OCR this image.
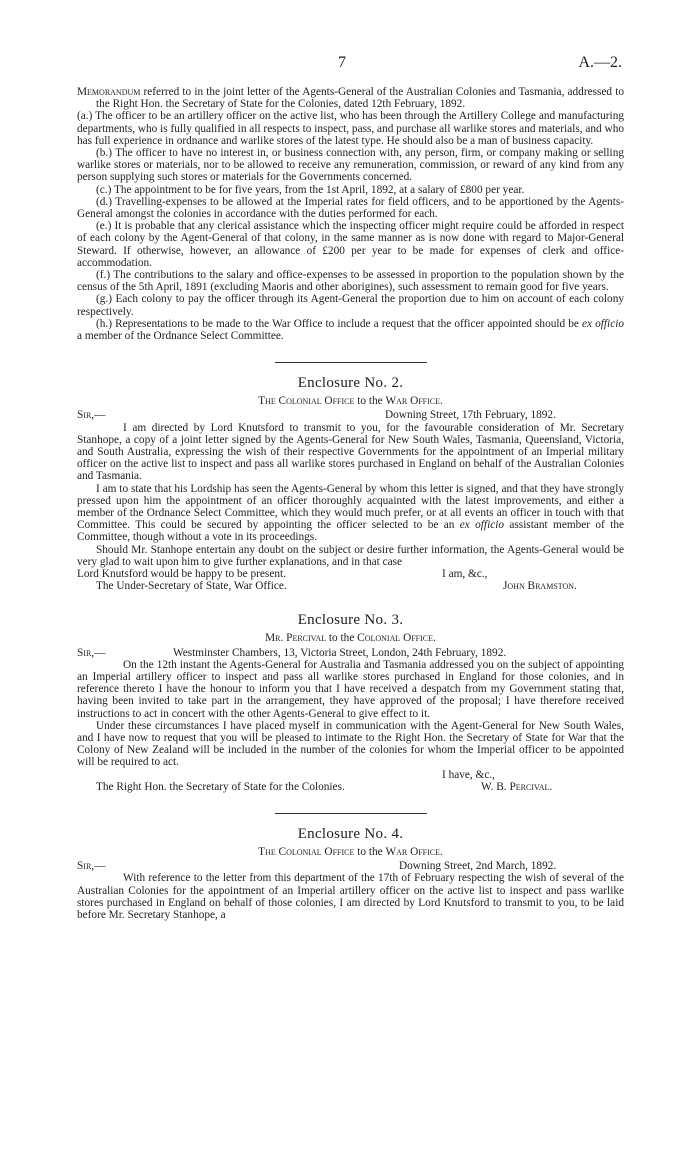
7	A.—2.

Memorandum referred to in the joint letter of the Agents-General of the Australian Colonies and Tasmania, addressed to the Right Hon. the Secretary of State for the Colonies, dated 12th February, 1892.

(a.) The officer to be an artillery officer on the active list, who has been through the Artillery College and manufacturing departments, who is fully qualified in all respects to inspect, pass, and purchase all warlike stores and materials, and who has full experience in ordnance and warlike stores of the latest type. He should also be a man of business capacity.

(b.) The officer to have no interest in, or business connection with, any person, firm, or company making or selling warlike stores or materials, nor to be allowed to receive any remuneration, commission, or reward of any kind from any person supplying such stores or materials for the Governments concerned.

(c.) The appointment to be for five years, from the 1st April, 1892, at a salary of £800 per year.

(d.) Travelling-expenses to be allowed at the Imperial rates for field officers, and to be apportioned by the Agents-General amongst the colonies in accordance with the duties performed for each.

(e.) It is probable that any clerical assistance which the inspecting officer might require could be afforded in respect of each colony by the Agent-General of that colony, in the same manner as is now done with regard to Major-General Steward. If otherwise, however, an allowance of £200 per year to be made for expenses of clerk and office-accommodation.

(f.) The contributions to the salary and office-expenses to be assessed in proportion to the population shown by the census of the 5th April, 1891 (excluding Maoris and other aborigines), such assessment to remain good for five years.

(g.) Each colony to pay the officer through its Agent-General the proportion due to him on account of each colony respectively.

(h.) Representations to be made to the War Office to include a request that the officer appointed should be ex officio a member of the Ordnance Select Committee.

Enclosure No. 2.

The Colonial Office to the War Office.

Sir,—	Downing Street, 17th February, 1892.

I am directed by Lord Knutsford to transmit to you, for the favourable consideration of Mr. Secretary Stanhope, a copy of a joint letter signed by the Agents-General for New South Wales, Tasmania, Queensland, Victoria, and South Australia, expressing the wish of their respective Governments for the appointment of an Imperial military officer on the active list to inspect and pass all warlike stores purchased in England on behalf of the Australian Colonies and Tasmania.

I am to state that his Lordship has seen the Agents-General by whom this letter is signed, and that they have strongly pressed upon him the appointment of an officer thoroughly acquainted with the latest improvements, and either a member of the Ordnance Select Committee, which they would much prefer, or at all events an officer in touch with that Committee. This could be secured by appointing the officer selected to be an ex officio assistant member of the Committee, though without a vote in its proceedings.

Should Mr. Stanhope entertain any doubt on the subject or desire further information, the Agents-General would be very glad to wait upon him to give further explanations, and in that case

Lord Knutsford would be happy to be present.	I am, &c.,
The Under-Secretary of State, War Office.	John Bramston.

Enclosure No. 3.

Mr. Percival to the Colonial Office.

Sir,—	Westminster Chambers, 13, Victoria Street, London, 24th February, 1892.

On the 12th instant the Agents-General for Australia and Tasmania addressed you on the subject of appointing an Imperial artillery officer to inspect and pass all warlike stores purchased in England for those colonies, and in reference thereto I have the honour to inform you that I have received a despatch from my Government stating that, having been invited to take part in the arrangement, they have approved of the proposal; I have therefore received instructions to act in concert with the other Agents-General to give effect to it.

Under these circumstances I have placed myself in communication with the Agent-General for New South Wales, and I have now to request that you will be pleased to intimate to the Right Hon. the Secretary of State for War that the Colony of New Zealand will be included in the number of the colonies for whom the Imperial officer to be appointed will be required to act.

I have, &c.,
The Right Hon. the Secretary of State for the Colonies.	W. B. Percival.

Enclosure No. 4.

The Colonial Office to the War Office.

Sir,—	Downing Street, 2nd March, 1892.

With reference to the letter from this department of the 17th of February respecting the wish of several of the Australian Colonies for the appointment of an Imperial artillery officer on the active list to inspect and pass warlike stores purchased in England on behalf of those colonies, I am directed by Lord Knutsford to transmit to you, to be laid before Mr. Secretary Stanhope, a
